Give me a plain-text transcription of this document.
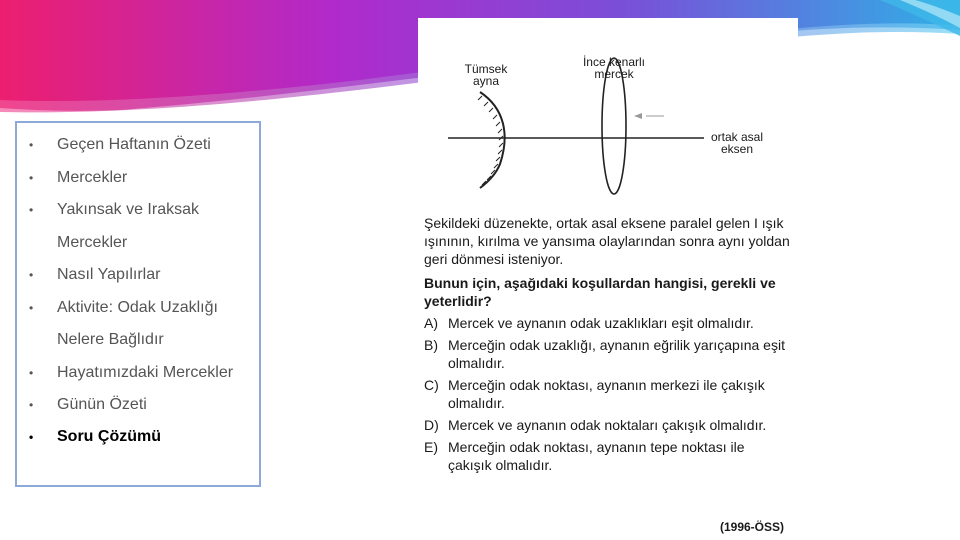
•	Geçen Haftanın Özeti
•	Mercekler
•	Yakınsak ve Iraksak
Mercekler
•	Nasıl Yapılırlar
•	Aktivite: Odak Uzaklığı
Nelere Bağlıdır
•	Hayatımızdaki Mercekler
•	Günün Özeti
•	Soru Çözümü
Tümsek ayna
İnce kenarlı mercek
ortak asal eksen

Şekildeki düzenekte, ortak asal eksene paralel gelen I ışık ışınının, kırılma ve yansıma olaylarından sonra aynı yoldan geri dönmesi isteniyor.

Bunun için, aşağıdaki koşullardan hangisi, gerekli ve yeterlidir?

A) Mercek ve aynanın odak uzaklıkları eşit olmalıdır.
B) Merceğin odak uzaklığı, aynanın eğrilik yarıçapına eşit olmalıdır.
C) Merceğin odak noktası, aynanın merkezi ile çakışık olmalıdır.
D) Mercek ve aynanın odak noktaları çakışık olmalıdır.
E) Merceğin odak noktası, aynanın tepe noktası ile çakışık olmalıdır.
(1996-ÖSS)
